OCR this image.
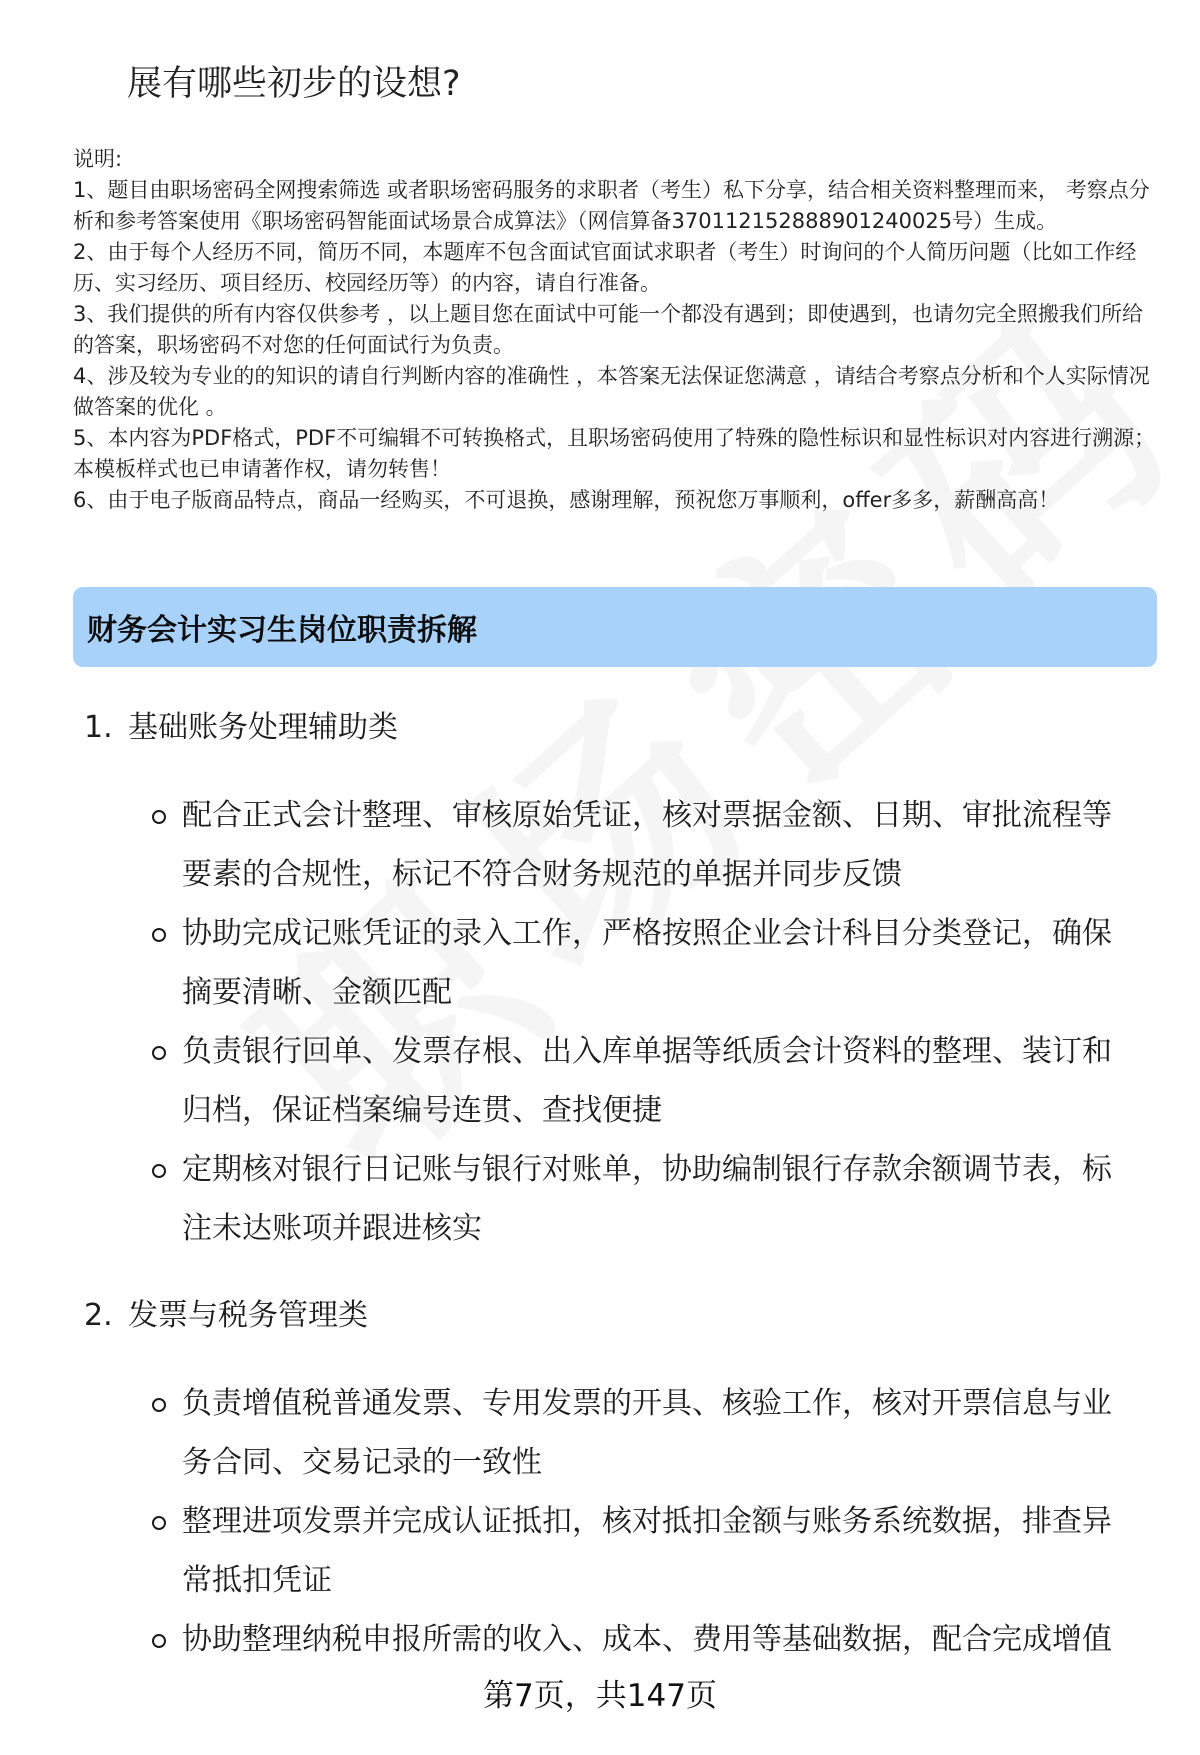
展有哪些初步的设想?

说明:

1、题目由职场密码全网搜索筛选 或者职场密码服务的求职者（考生）私下分享，结合相关资料整理而来， 考察点分析和参考答案使用《职场密码智能面试场景合成算法》（网信算备370112152888901240025号）生成。

2、由于每个人经历不同，简历不同，本题库不包含面试官面试求职者（考生）时询问的个人简历问题（比如工作经历、实习经历、项目经历、校园经历等）的内容，请自行准备。

3、我们提供的所有内容仅供参考 ，以上题目您在面试中可能一个都没有遇到；即使遇到，也请勿完全照搬我们所给的答案，职场密码不对您的任何面试行为负责。

4、涉及较为专业的的知识的请自行判断内容的准确性 ，本答案无法保证您满意 ，请结合考察点分析和个人实际情况做答案的优化 。

5、本内容为PDF格式，PDF不可编辑不可转换格式，且职场密码使用了特殊的隐性标识和显性标识对内容进行溯源；本模板样式也已申请著作权，请勿转售！

6、由于电子版商品特点，商品一经购买，不可退换，感谢理解，预祝您万事顺利，offer多多，薪酬高高！

财务会计实习生岗位职责拆解
1. 基础账务处理辅助类
配合正式会计整理、审核原始凭证，核对票据金额、日期、审批流程等要素的合规性，标记不符合财务规范的单据并同步反馈
协助完成记账凭证的录入工作，严格按照企业会计科目分类登记，确保摘要清晰、金额匹配
负责银行回单、发票存根、出入库单据等纸质会计资料的整理、装订和归档，保证档案编号连贯、查找便捷
定期核对银行日记账与银行对账单，协助编制银行存款余额调节表，标注未达账项并跟进核实
2. 发票与税务管理类
负责增值税普通发票、专用发票的开具、核验工作，核对开票信息与业务合同、交易记录的一致性
整理进项发票并完成认证抵扣，核对抵扣金额与账务系统数据，排查异常抵扣凭证
协助整理纳税申报所需的收入、成本、费用等基础数据，配合完成增值
第7页，共147页
